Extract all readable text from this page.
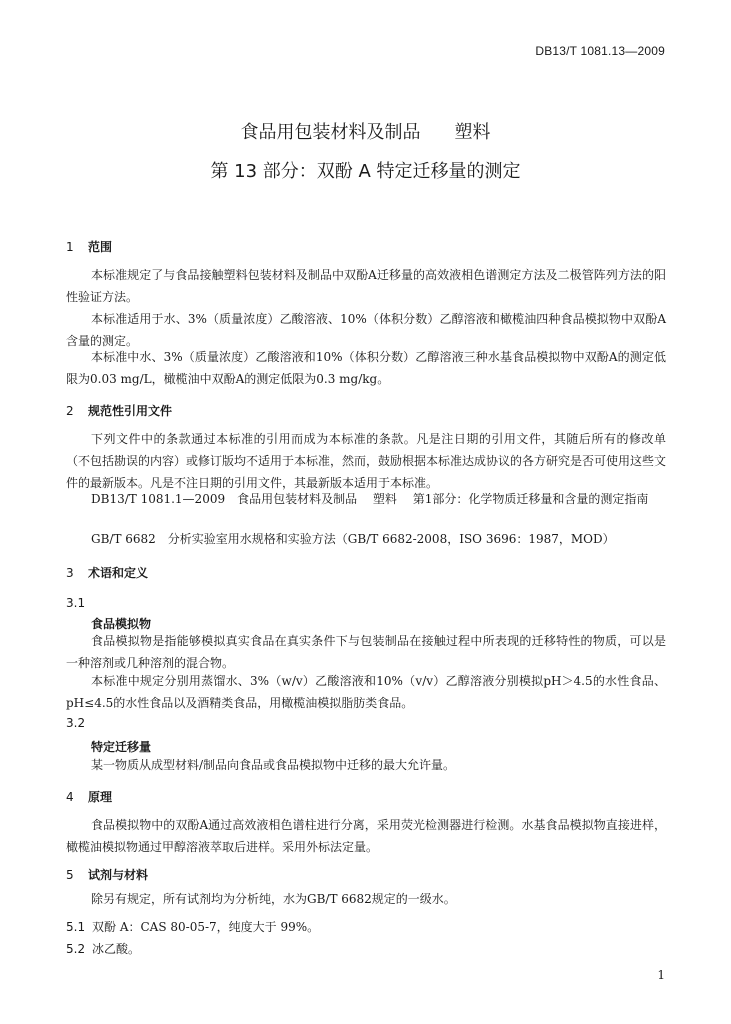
DB13/T 1081.13—2009
食品用包装材料及制品 塑料
第 13 部分：双酚 A 特定迁移量的测定
1 范围
本标准规定了与食品接触塑料包装材料及制品中双酚A迁移量的高效液相色谱测定方法及二极管阵列方法的阳性验证方法。
本标准适用于水、3%（质量浓度）乙酸溶液、10%（体积分数）乙醇溶液和橄榄油四种食品模拟物中双酚A含量的测定。
本标准中水、3%（质量浓度）乙酸溶液和10%（体积分数）乙醇溶液三种水基食品模拟物中双酚A的测定低限为0.03 mg/L，橄榄油中双酚A的测定低限为0.3 mg/kg。
2 规范性引用文件
下列文件中的条款通过本标准的引用而成为本标准的条款。凡是注日期的引用文件，其随后所有的修改单（不包括勘误的内容）或修订版均不适用于本标准，然而，鼓励根据本标准达成协议的各方研究是否可使用这些文件的最新版本。凡是不注日期的引用文件，其最新版本适用于本标准。
DB13/T 1081.1—2009　食品用包装材料及制品　 塑料　 第1部分：化学物质迁移量和含量的测定指南
GB/T 6682　分析实验室用水规格和实验方法（GB/T 6682-2008，ISO 3696：1987，MOD）
3 术语和定义
3.1
食品模拟物
食品模拟物是指能够模拟真实食品在真实条件下与包装制品在接触过程中所表现的迁移特性的物质，可以是一种溶剂或几种溶剂的混合物。
本标准中规定分别用蒸馏水、3%（w/v）乙酸溶液和10%（v/v）乙醇溶液分别模拟pH＞4.5的水性食品、pH≤4.5的水性食品以及酒精类食品，用橄榄油模拟脂肪类食品。
3.2
特定迁移量
某一物质从成型材料/制品向食品或食品模拟物中迁移的最大允许量。
4 原理
食品模拟物中的双酚A通过高效液相色谱柱进行分离，采用荧光检测器进行检测。水基食品模拟物直接进样，橄榄油模拟物通过甲醇溶液萃取后进样。采用外标法定量。
5 试剂与材料
除另有规定，所有试剂均为分析纯，水为GB/T 6682规定的一级水。
5.1 双酚 A：CAS 80-05-7，纯度大于 99%。
5.2 冰乙酸。
1
